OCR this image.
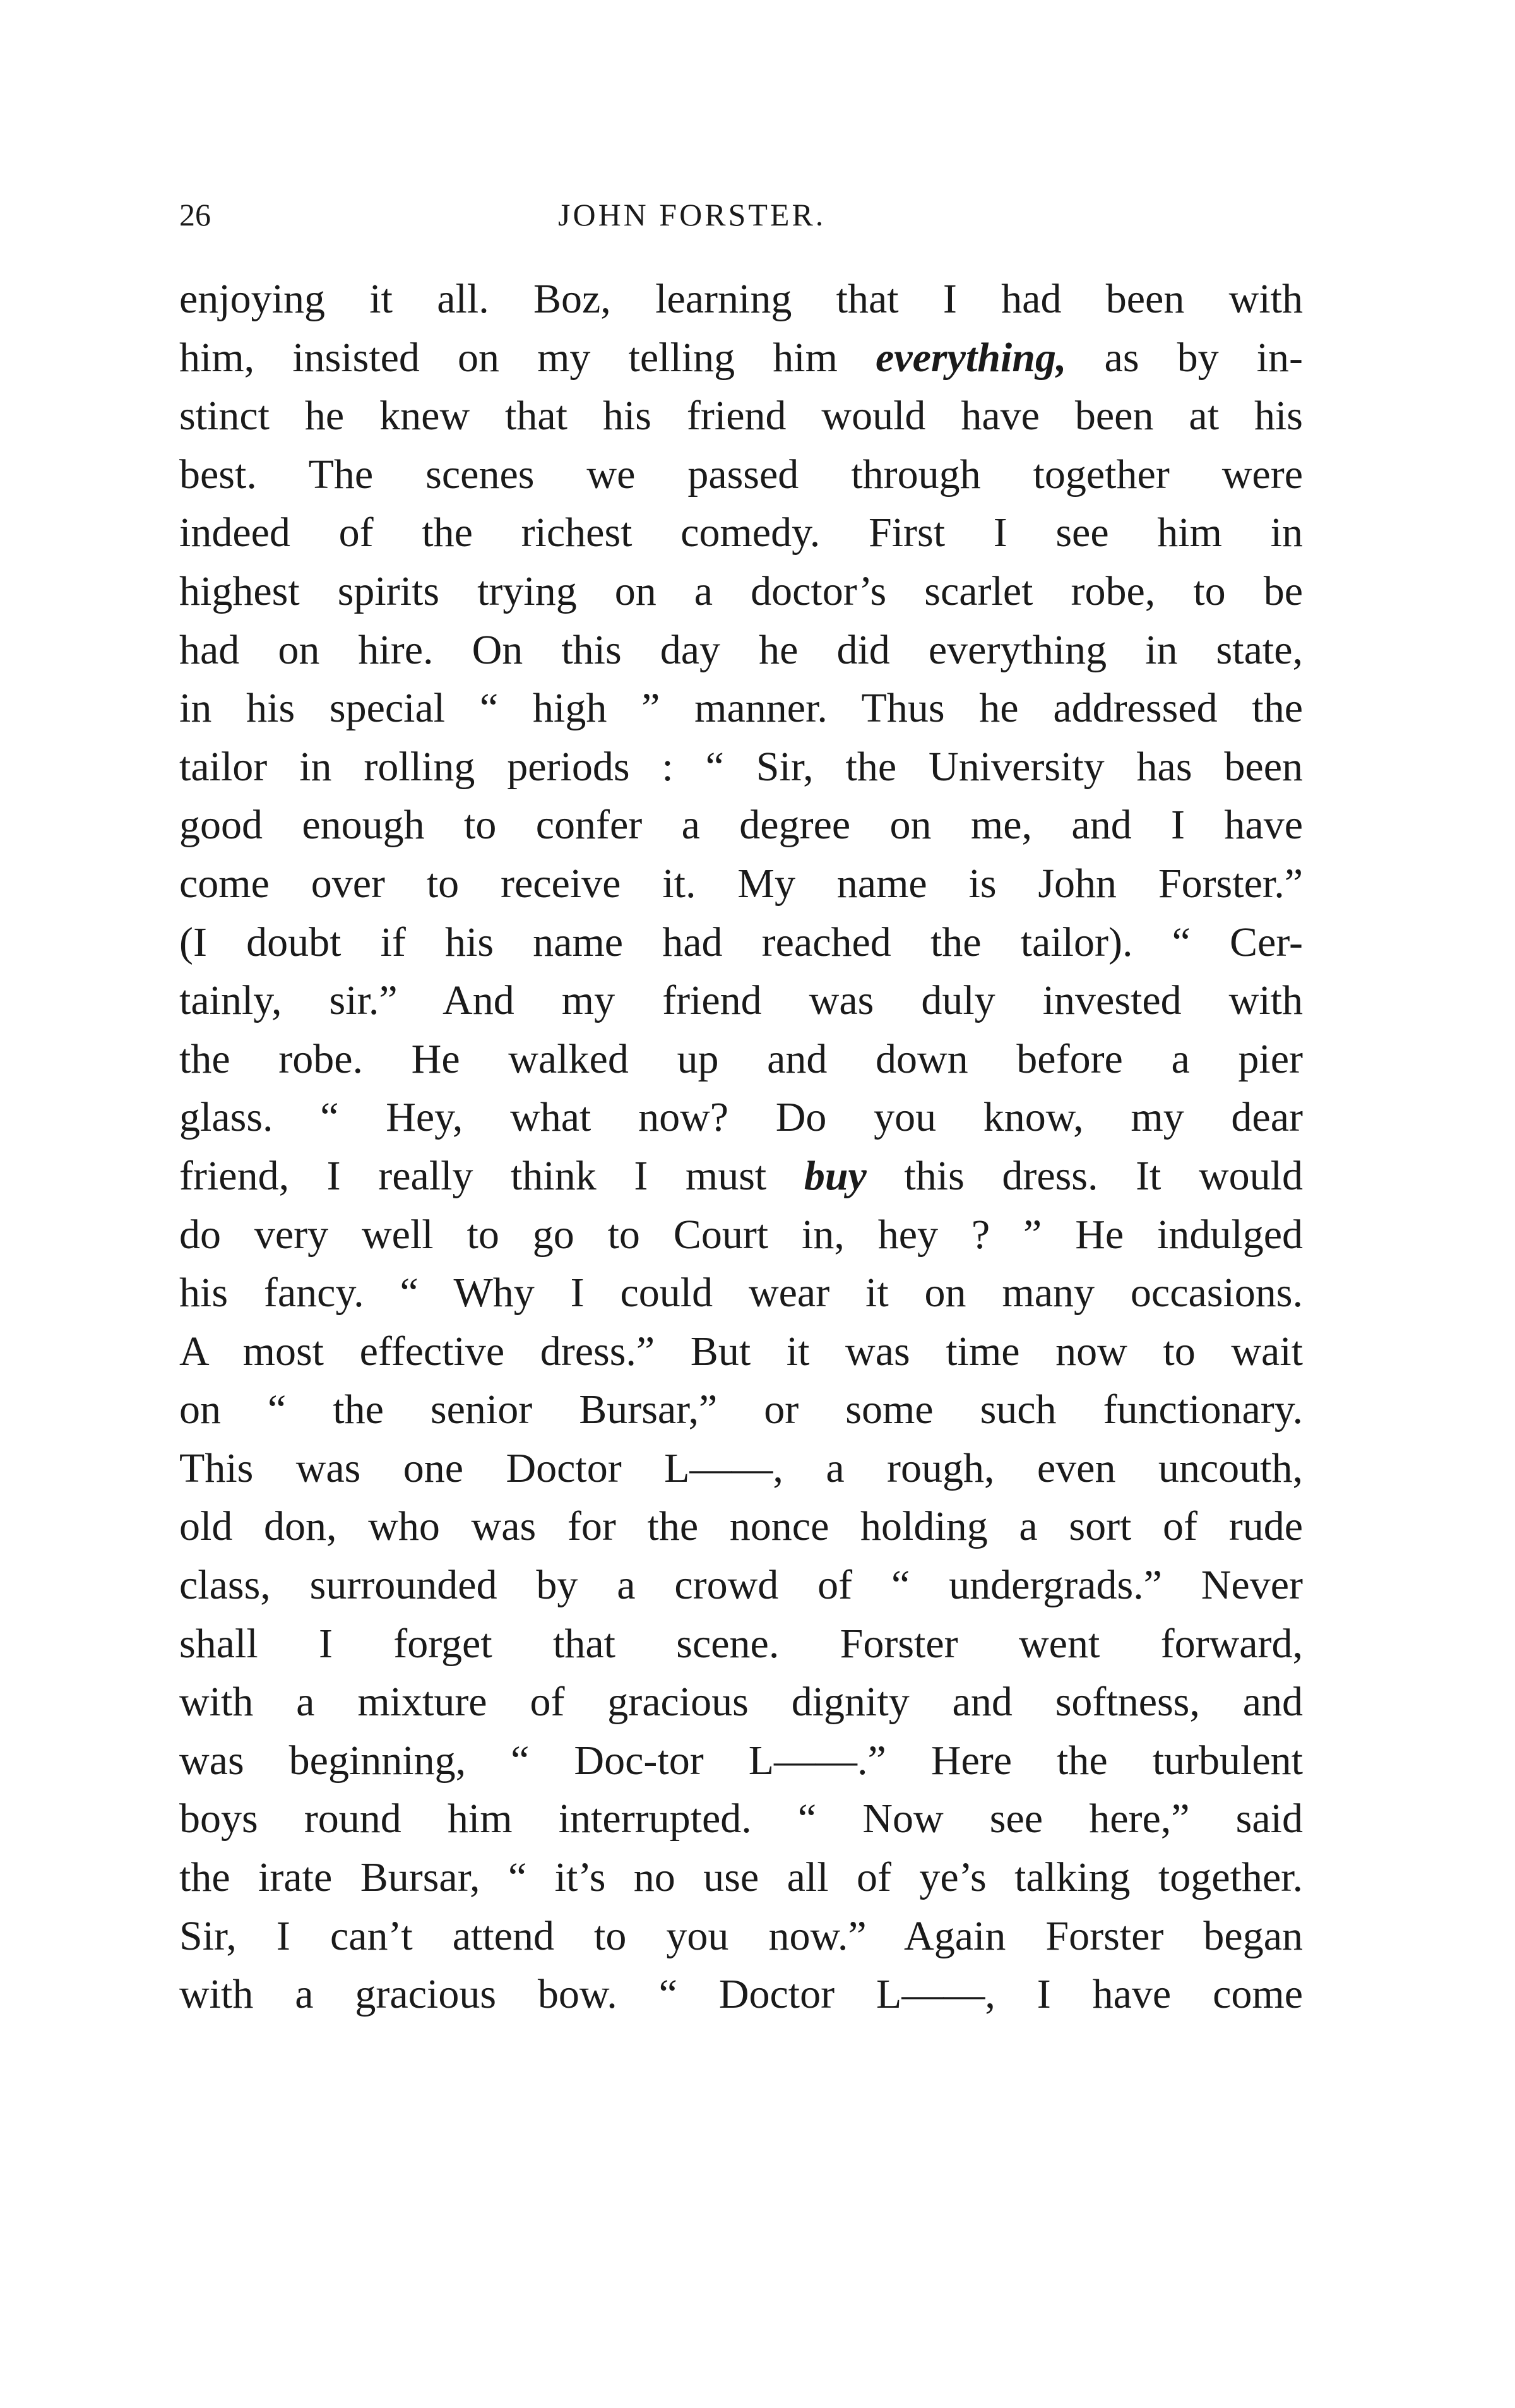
26	JOHN FORSTER.
enjoying it all. Boz, learning that I had been with
him, insisted on my telling him everything, as by in-
stinct he knew that his friend would have been at his
best. The scenes we passed through together were
indeed of the richest comedy. First I see him in
highest spirits trying on a doctor’s scarlet robe, to be
had on hire. On this day he did everything in state,
in his special “ high ” manner. Thus he addressed the
tailor in rolling periods : “ Sir, the University has been
good enough to confer a degree on me, and I have
come over to receive it. My name is John Forster.”
(I doubt if his name had reached the tailor). “ Cer-
tainly, sir.” And my friend was duly invested with
the robe. He walked up and down before a pier
glass. “ Hey, what now? Do you know, my dear
friend, I really think I must buy this dress. It would
do very well to go to Court in, hey ? ” He indulged
his fancy. “ Why I could wear it on many occasions.
A most effective dress.” But it was time now to wait
on “ the senior Bursar,” or some such functionary.
This was one Doctor L——, a rough, even uncouth,
old don, who was for the nonce holding a sort of rude
class, surrounded by a crowd of “ undergrads.” Never
shall I forget that scene. Forster went forward,
with a mixture of gracious dignity and softness, and
was beginning, “ Doc-tor L——.” Here the turbulent
boys round him interrupted. “ Now see here,” said
the irate Bursar, “ it’s no use all of ye’s talking together.
Sir, I can’t attend to you now.” Again Forster began
with a gracious bow. “ Doctor L——, I have come
